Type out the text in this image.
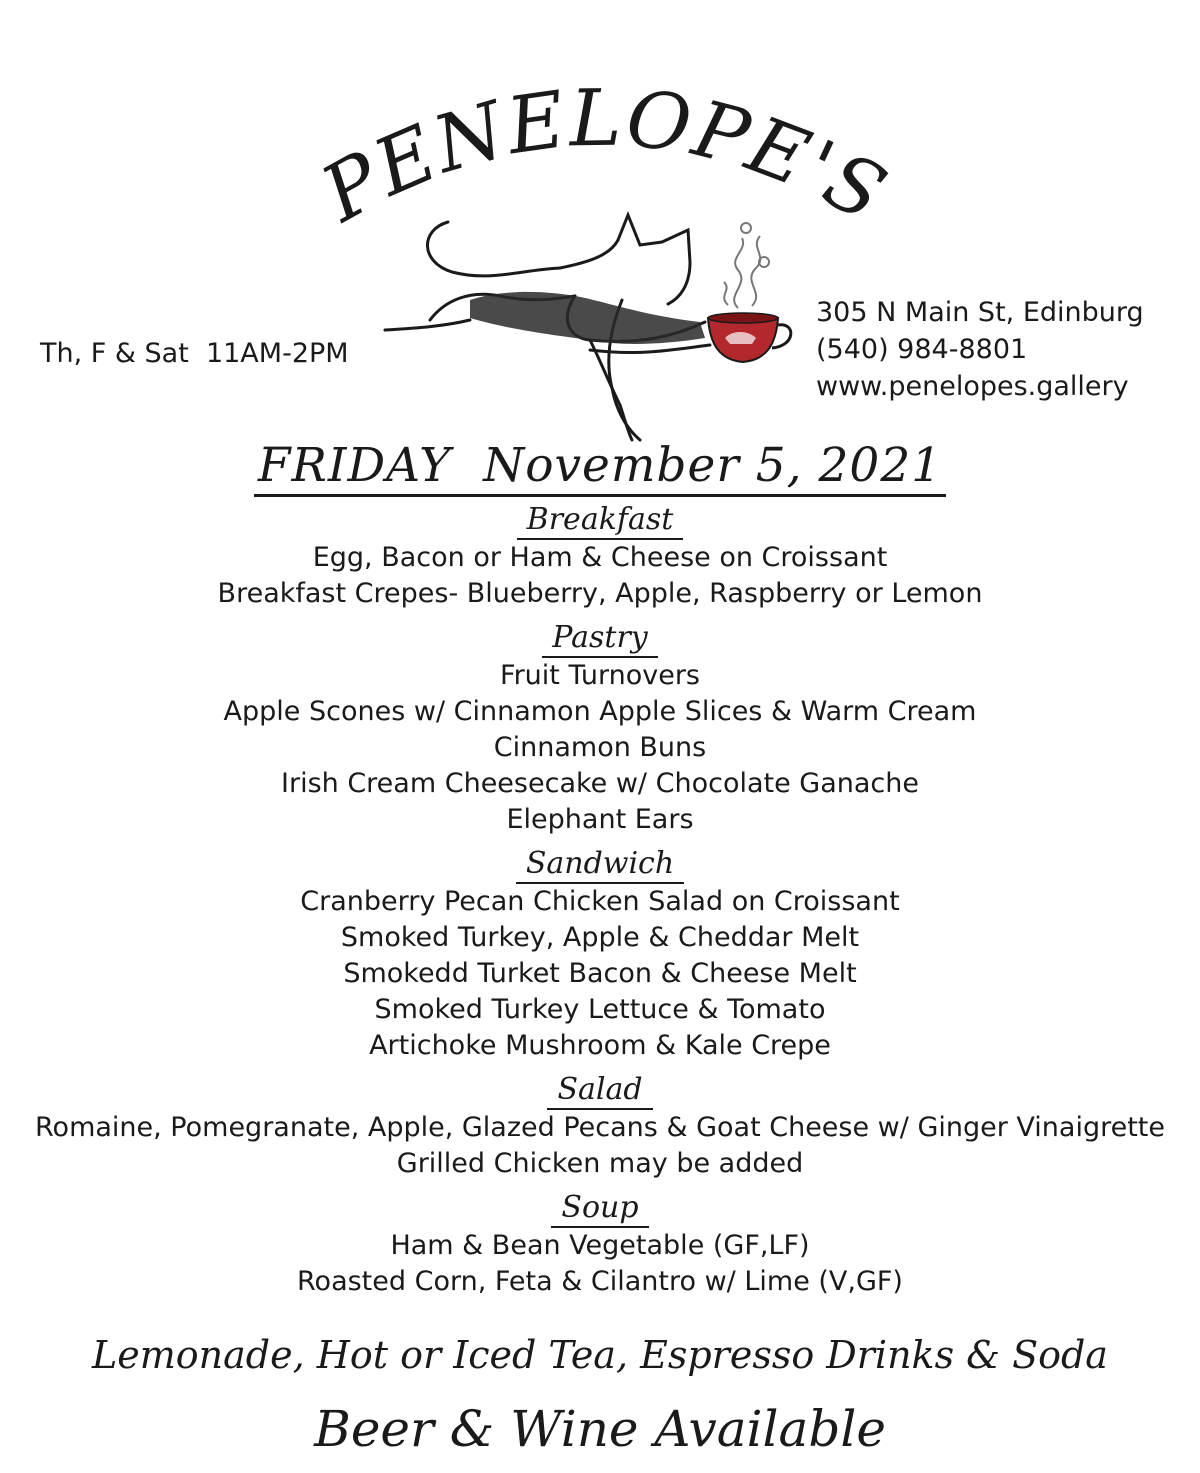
PENELOPE'S
Th, F & Sat  11AM-2PM
305 N Main St, Edinburg
(540) 984-8801
www.penelopes.gallery
FRIDAY  November 5, 2021
Breakfast
Egg, Bacon or Ham & Cheese on Croissant
Breakfast Crepes- Blueberry, Apple, Raspberry or Lemon
Pastry
Fruit Turnovers
Apple Scones w/ Cinnamon Apple Slices & Warm Cream
Cinnamon Buns
Irish Cream Cheesecake w/ Chocolate Ganache
Elephant Ears
Sandwich
Cranberry Pecan Chicken Salad on Croissant
Smoked Turkey, Apple & Cheddar Melt
Smokedd Turket Bacon & Cheese Melt
Smoked Turkey Lettuce & Tomato
Artichoke Mushroom & Kale Crepe
Salad
Romaine, Pomegranate, Apple, Glazed Pecans & Goat Cheese w/ Ginger Vinaigrette
Grilled Chicken may be added
Soup
Ham & Bean Vegetable (GF,LF)
Roasted Corn, Feta & Cilantro w/ Lime (V,GF)
Lemonade, Hot or Iced Tea, Espresso Drinks & Soda
Beer & Wine Available
